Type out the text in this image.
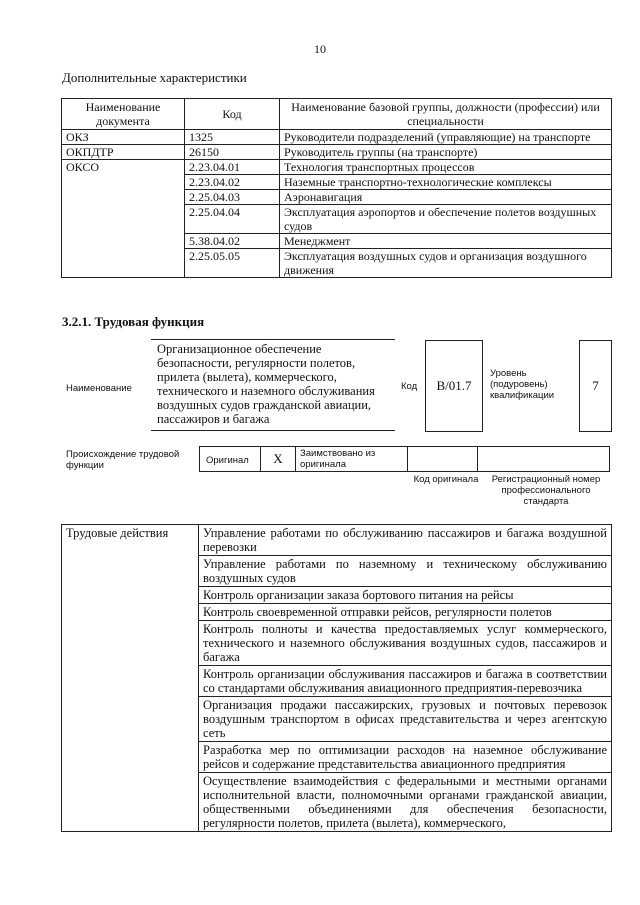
10
Дополнительные характеристики
Наименование документа	Код	Наименование базовой группы, должности (профессии) или специальности
ОКЗ	1325	Руководители подразделений (управляющие) на транспорте
ОКПДТР	26150	Руководитель группы (на транспорте)
ОКСО	2.23.04.01	Технология транспортных процессов
	2.23.04.02	Наземные транспортно-технологические комплексы
	2.25.04.03	Аэронавигация
	2.25.04.04	Эксплуатация аэропортов и обеспечение полетов воздушных судов
	5.38.04.02	Менеджмент
	2.25.05.05	Эксплуатация воздушных судов и организация воздушного движения
3.2.1. Трудовая функция
Наименование
Организационное обеспечение безопасности, регулярности полетов, прилета (вылета), коммерческого, технического и наземного обслуживания воздушных судов гражданской авиации, пассажиров и багажа
Код В/01.7
Уровень (подуровень) квалификации
7
Происхождение трудовой функции	Оригинал X Заимствовано из оригинала
Код оригинала	Регистрационный номер профессионального стандарта
Трудовые действия	Управление работами по обслуживанию пассажиров и багажа воздушной перевозки
Управление работами по наземному и техническому обслуживанию воздушных судов
Контроль организации заказа бортового питания на рейсы
Контроль своевременной отправки рейсов, регулярности полетов
Контроль полноты и качества предоставляемых услуг коммерческого, технического и наземного обслуживания воздушных судов, пассажиров и багажа
Контроль организации обслуживания пассажиров и багажа в соответствии со стандартами обслуживания авиационного предприятия-перевозчика
Организация продажи пассажирских, грузовых и почтовых перевозок воздушным транспортом в офисах представительства и через агентскую сеть
Разработка мер по оптимизации расходов на наземное обслуживание рейсов и содержание представительства авиационного предприятия
Осуществление взаимодействия с федеральными и местными органами исполнительной власти, полномочными органами гражданской авиации, общественными объединениями для обеспечения безопасности, регулярности полетов, прилета (вылета), коммерческого,
